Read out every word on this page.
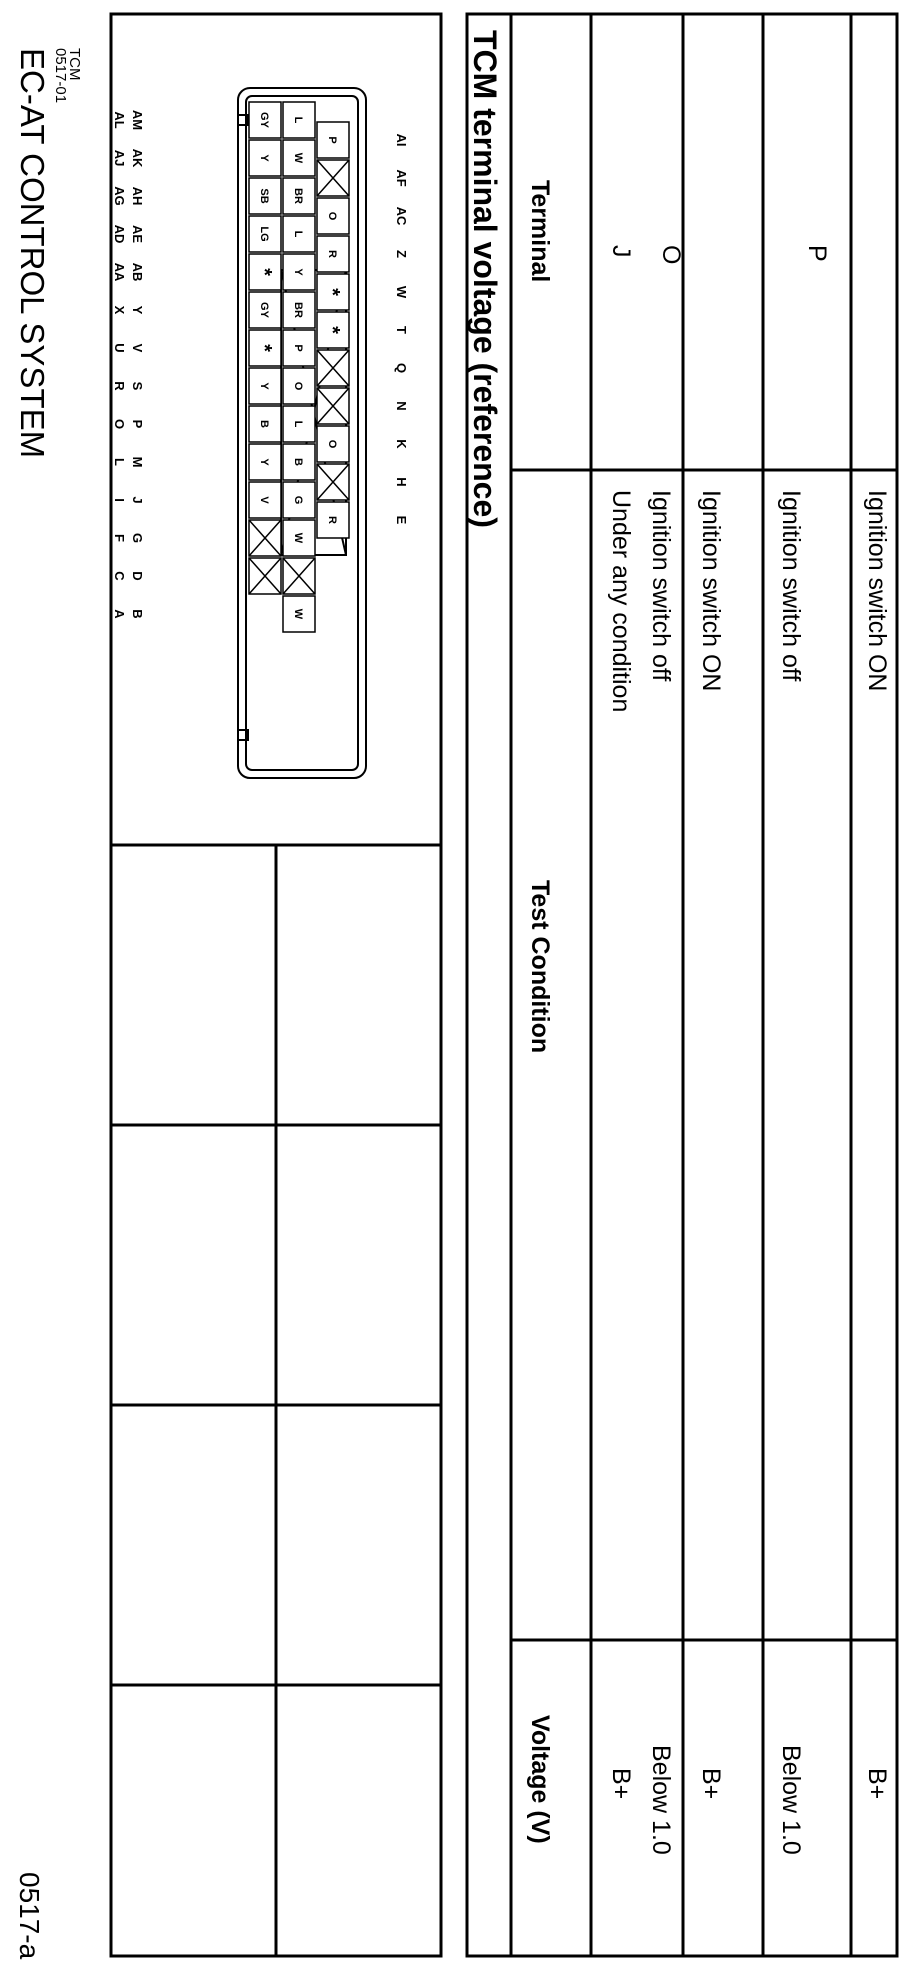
EC-AT CONTROL SYSTEM 0517-01
TCM
0517-a
AL
AJ
AG
AD
AA
X
U
R
O
L
I
F
C
A
AM
AK
AH
AE
AB
Y
V
S
P
M
J
G
D
B
AI
AF
AC
Z
W
T
Q
N
K
H
E
GY
Y
SB
LG
*
GY
*
Y
B
Y
V
L
W
BR
L
Y
BR
P
O
L
B
G
W
W
P
O
R
*
*
O
R	TCM terminal voltage (reference) Terminal
Test Condition
Voltage (V)
J
Under any condition
B+
O
Ignition switch off
Below 1.0
Ignition switch ON
B+
P
Ignition switch off
Below 1.0
Ignition switch ON
B+
